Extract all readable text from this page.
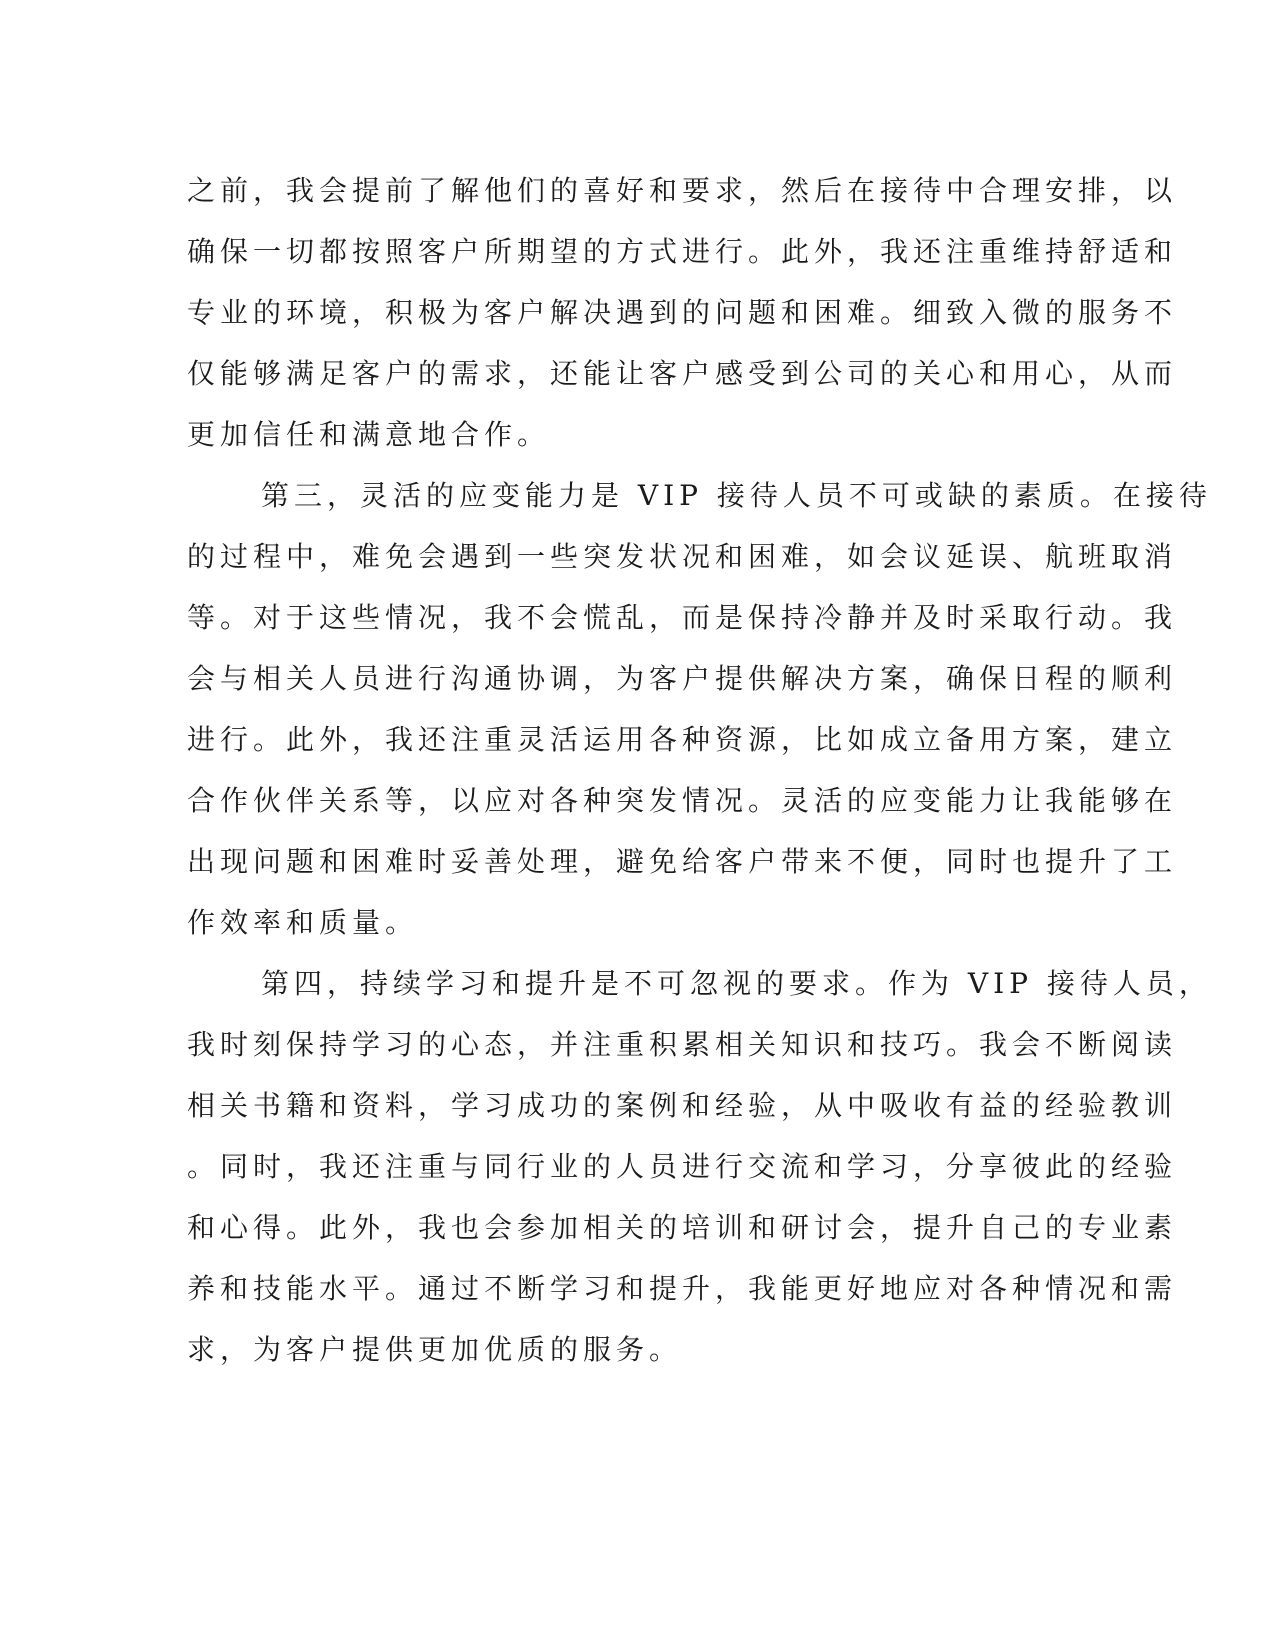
之前，我会提前了解他们的喜好和要求，然后在接待中合理安排，以
确保一切都按照客户所期望的方式进行。此外，我还注重维持舒适和
专业的环境，积极为客户解决遇到的问题和困难。细致入微的服务不
仅能够满足客户的需求，还能让客户感受到公司的关心和用心，从而
更加信任和满意地合作。
第三，灵活的应变能力是 VIP 接待人员不可或缺的素质。在接待
的过程中，难免会遇到一些突发状况和困难，如会议延误、航班取消
等。对于这些情况，我不会慌乱，而是保持冷静并及时采取行动。我
会与相关人员进行沟通协调，为客户提供解决方案，确保日程的顺利
进行。此外，我还注重灵活运用各种资源，比如成立备用方案，建立
合作伙伴关系等，以应对各种突发情况。灵活的应变能力让我能够在
出现问题和困难时妥善处理，避免给客户带来不便，同时也提升了工
作效率和质量。
第四，持续学习和提升是不可忽视的要求。作为 VIP 接待人员，
我时刻保持学习的心态，并注重积累相关知识和技巧。我会不断阅读
相关书籍和资料，学习成功的案例和经验，从中吸收有益的经验教训
。同时，我还注重与同行业的人员进行交流和学习，分享彼此的经验
和心得。此外，我也会参加相关的培训和研讨会，提升自己的专业素
养和技能水平。通过不断学习和提升，我能更好地应对各种情况和需
求，为客户提供更加优质的服务。
